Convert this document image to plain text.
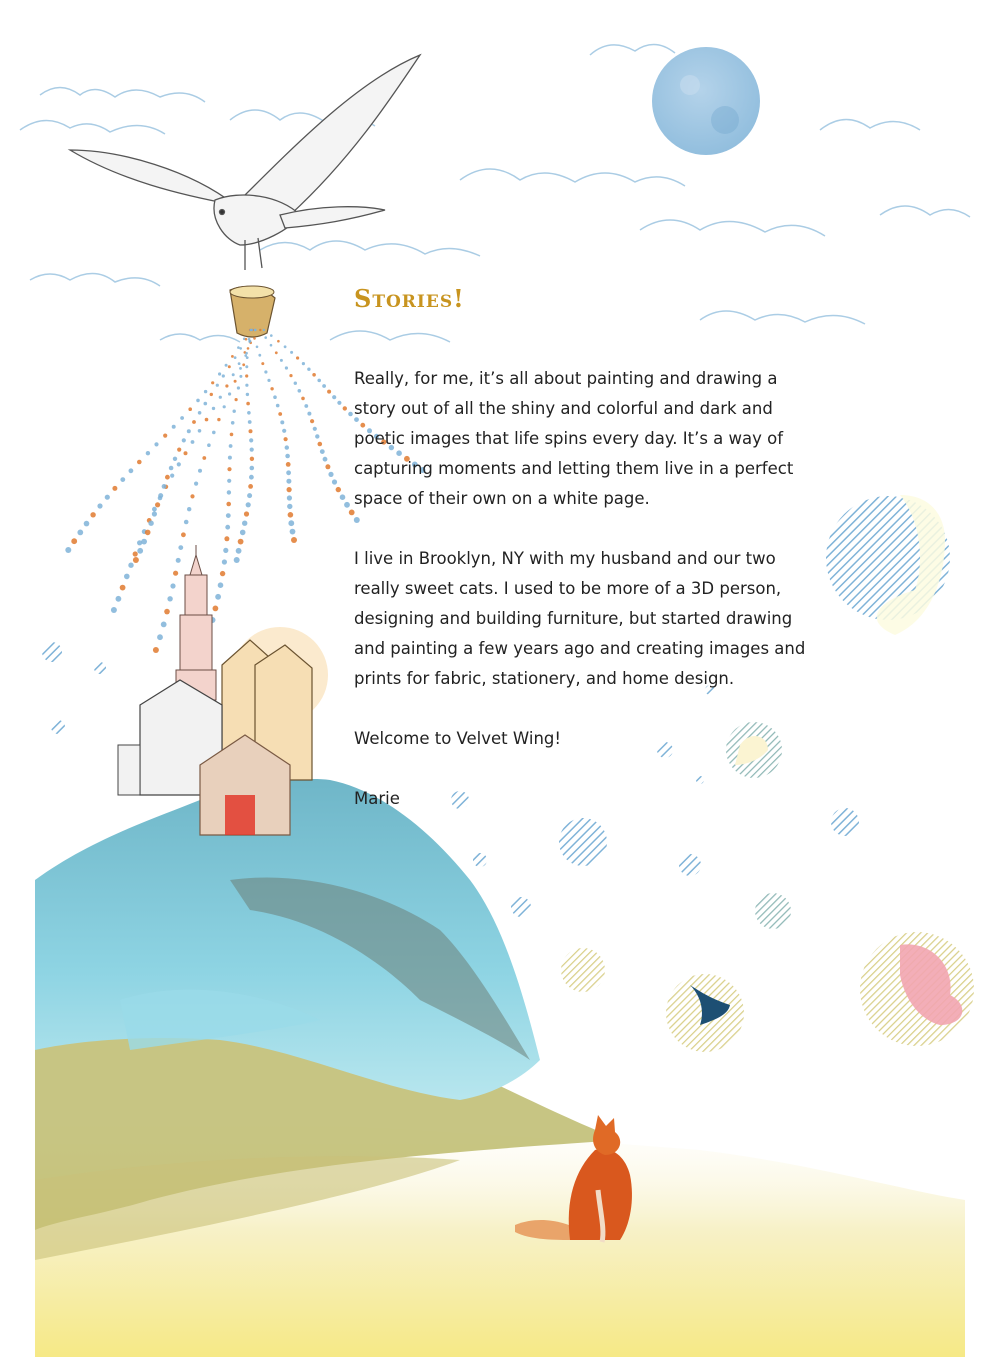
Stories!

Really, for me, it’s all about painting and drawing a story out of all the shiny and colorful and dark and poetic images that life spins every day. It’s a way of capturing moments and letting them live in a perfect space of their own on a white page.

I live in Brooklyn, NY with my husband and our two really sweet cats. I used to be more of a 3D person, designing and building furniture, but started drawing and painting a few years ago and creating images and prints for fabric, stationery, and home design.

Welcome to Velvet Wing!

Marie
